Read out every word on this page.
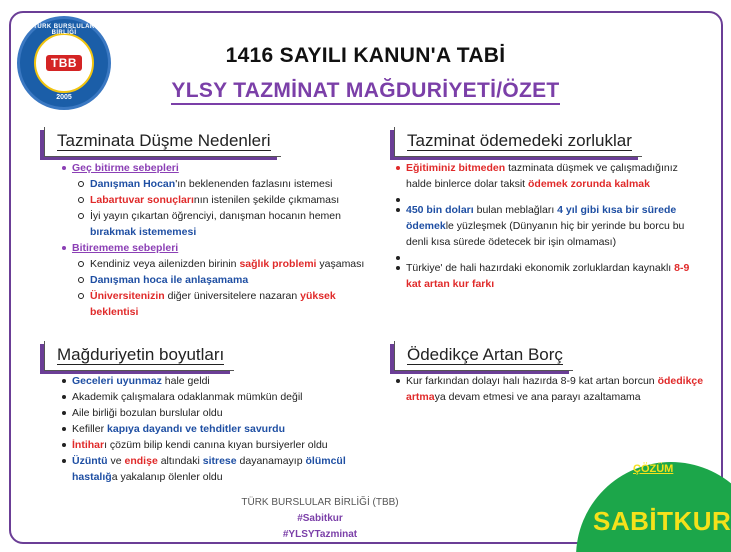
TÜRK BURSLULAR BİRLİĞİ
TBB
2005
1416 SAYILI KANUN'A TABİ
YLSY TAZMİNAT MAĞDURİYETİ/ÖZET
Tazminata Düşme Nedenleri
Geç bitirme sebepleri
Danışman Hocan'ın beklenenden fazlasını istemesi
Labartuvar sonuçlarının istenilen şekilde çıkmaması
İyi yayın çıkartan öğrenciyi, danışman hocanın hemen bırakmak istememesi
Bitirememe sebepleri
Kendiniz veya ailenizden birinin sağlık problemi yaşaması
Danışman hoca ile anlaşamama
Üniversitenizin diğer üniversitelere nazaran yüksek beklentisi
Tazminat ödemedeki zorluklar
Eğitiminiz bitmeden tazminata düşmek ve çalışmadığınız halde binlerce dolar taksit ödemek zorunda kalmak
450 bin doları bulan meblağları 4 yıl gibi kısa bir sürede ödemekle yüzleşmek (Dünyanın hiç bir yerinde bu borcu bu denli kısa sürede ödetecek bir işin olmaması)
Türkiye' de hali hazırdaki ekonomik zorluklardan kaynaklı 8-9 kat artan kur farkı
Mağduriyetin boyutları
Geceleri uyunmaz hale geldi
Akademik çalışmalara odaklanmak mümkün değil
Aile birliği bozulan burslular oldu
Kefiller kapıya dayandı ve tehditler savurdu
İntiharı çözüm bilip kendi canına kıyan bursiyerler oldu
Üzüntü ve endişe altındaki sitrese dayanamayıp ölümcül hastalığa yakalanıp ölenler oldu
Ödedikçe Artan Borç
Kur farkından dolayı halı hazırda 8-9 kat artan borcun ödedikçe artmaya devam etmesi ve ana parayı azaltamama
TÜRK BURSLULAR BİRLİĞİ (TBB)
#Sabitkur
#YLSYTazminat
ÇÖZÜM
SABİTKUR
